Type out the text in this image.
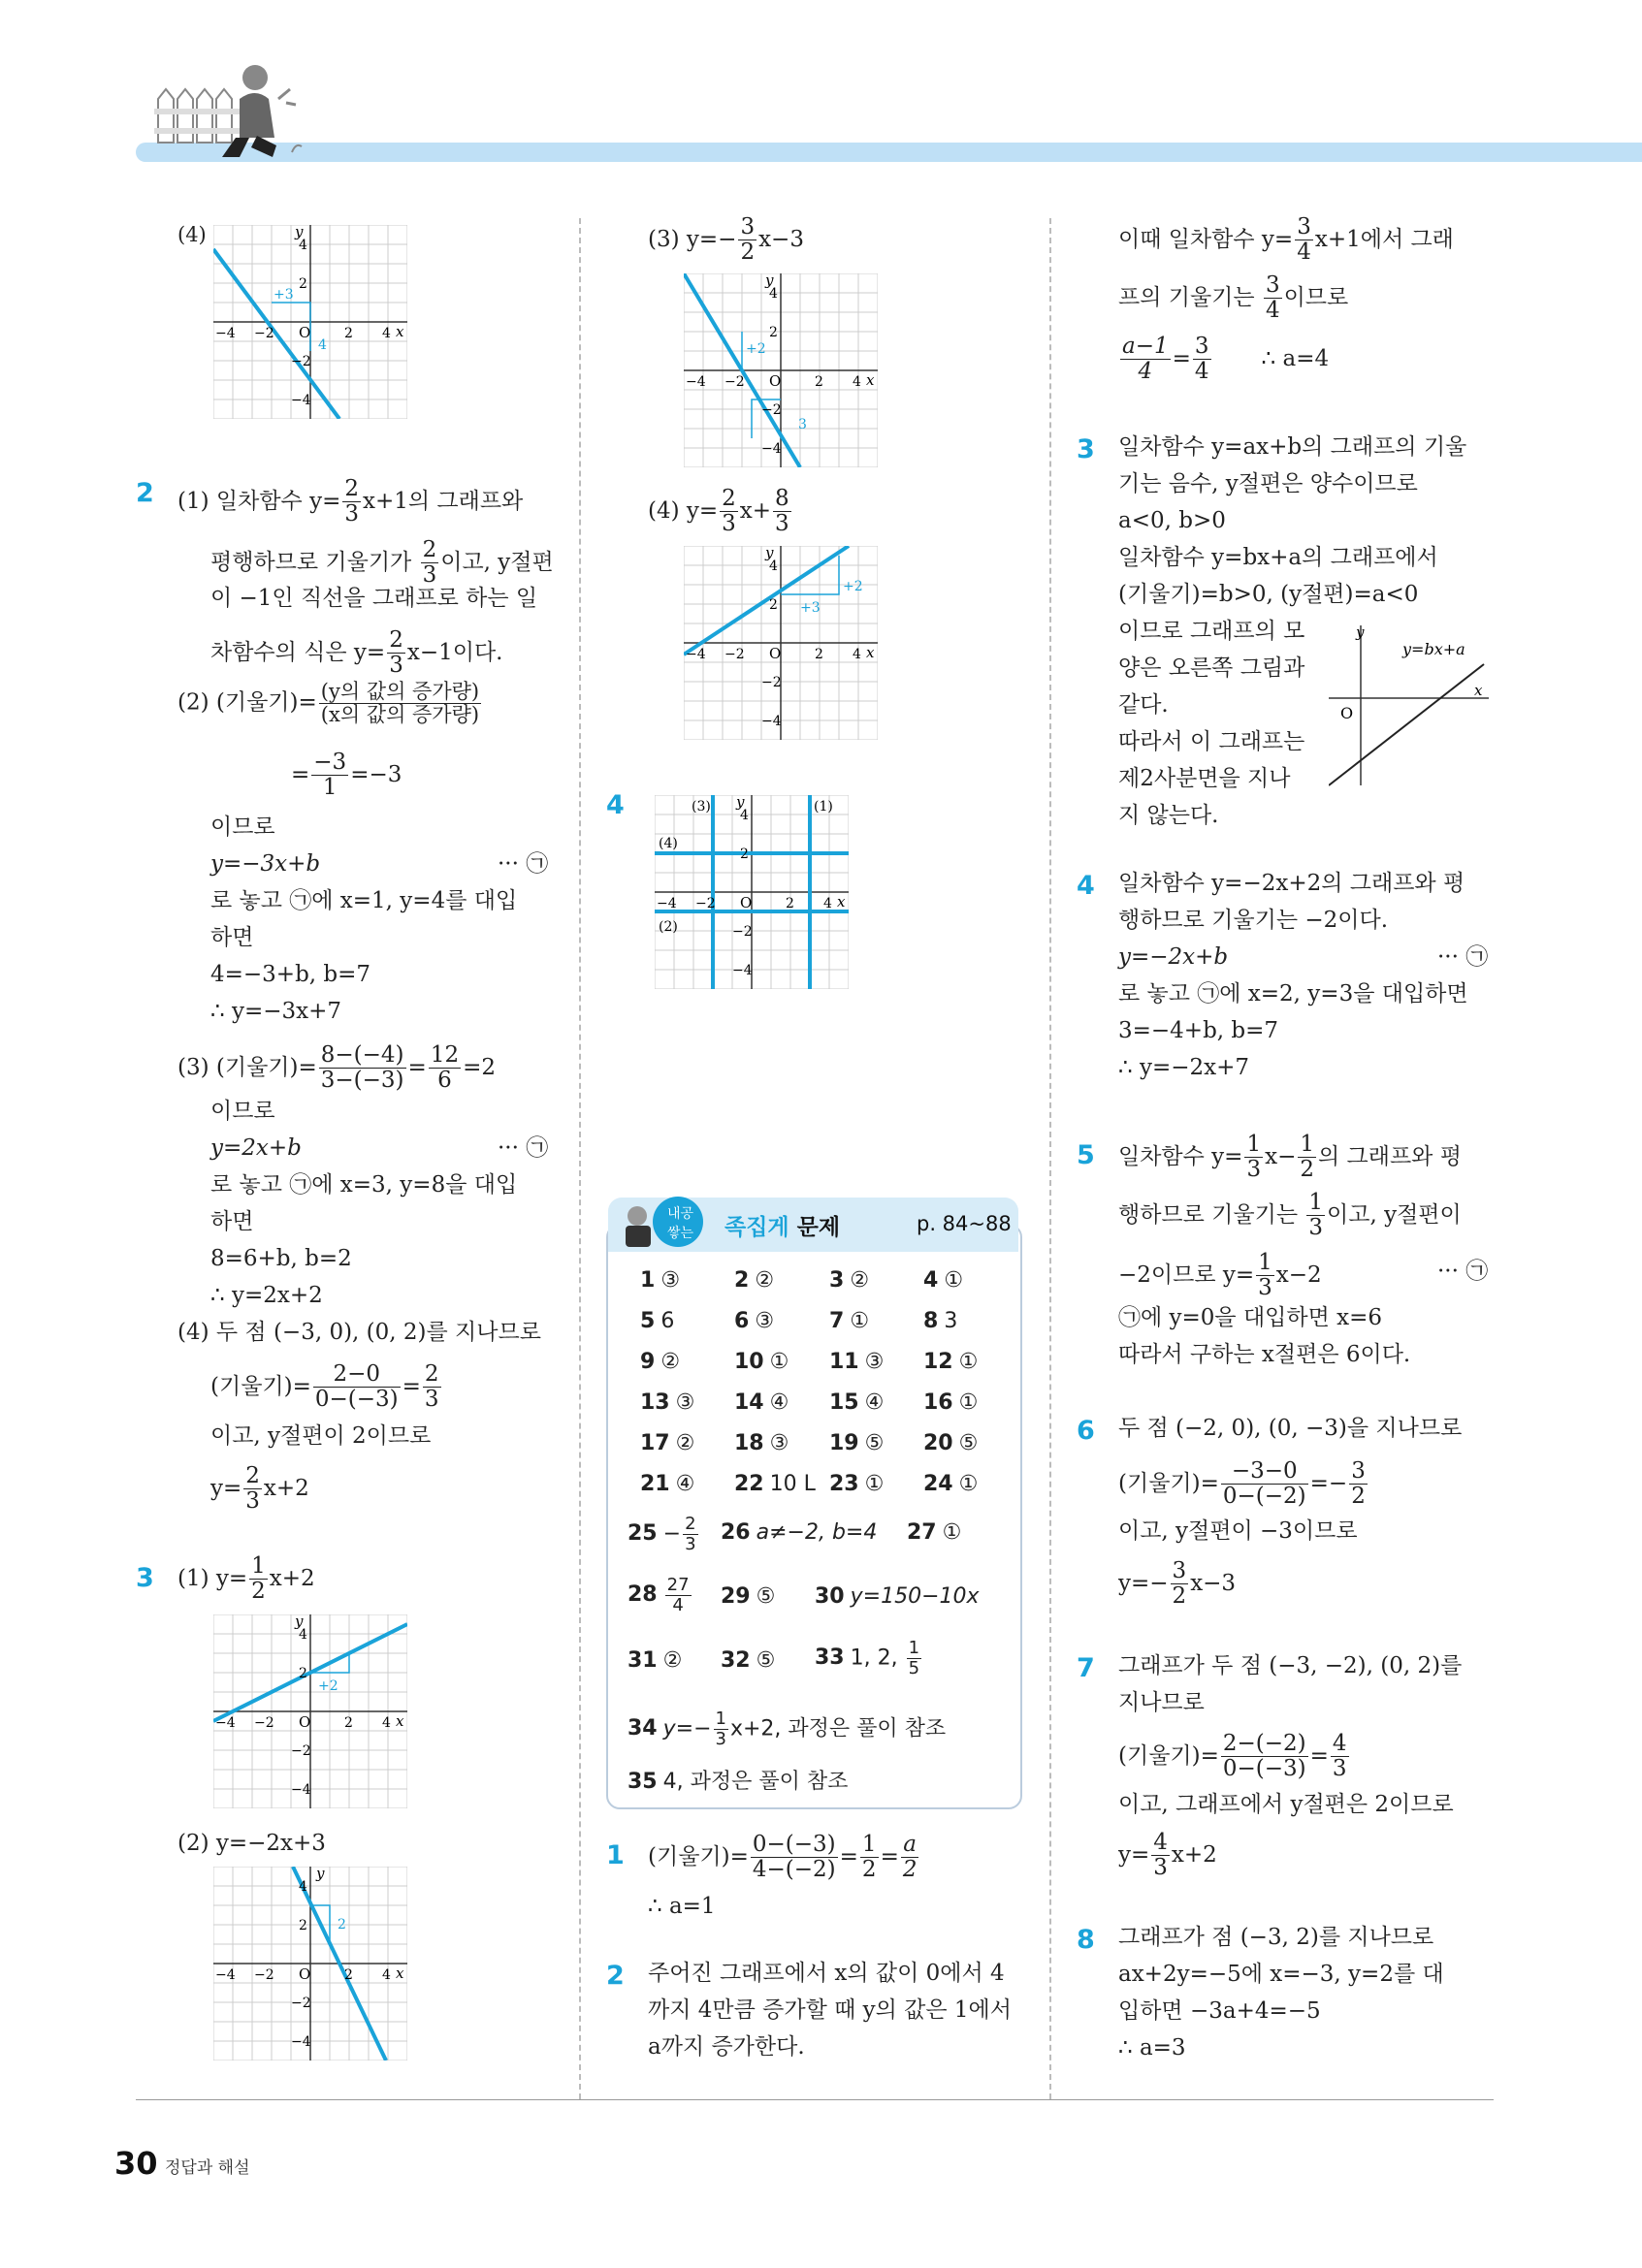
(4)
+3
4
O	x
y
−4 −2	2 4
2
4
−2
−4
2 (1) 일차함수 $y= \frac{2}{3} x+1$의 그래프와
평행하므로 기울기가 $\frac{2}{3}$ 이고, y절편
이 −1인 직선을 그래프로 하는 일
차함수의 식은 $y= \frac{2}{3} x-1$이다.
(2) (기울기)= $\frac{\text{(y의 값의 증가량)}}{\text{(x의 값의 증가량)}}$
= $\frac{-3}{1} =-3$
이므로
y=−3x+b	··· ㉠
로 놓고 ㉠에 x=1, y=4를 대입
하면
4=−3+b, b=7
∴ y=−3x+7
(3) (기울기)= $\frac{8-(-4)}{3-(-3)} = \frac{12}{6} =2$
이므로
y=2x+b	··· ㉠
로 놓고 ㉠에 x=3, y=8을 대입
하면
8=6+b, b=2
∴ y=2x+2
(4) 두 점 (−3, 0), (0, 2)를 지나므로
(기울기)= $\frac{2-0}{0-(-3)} = \frac{2}{3}$
이고, y절편이 2이므로
$y= \frac{2}{3} x+2$
3 (1) $y= \frac{1}{2} x+2$
+2
O	x
y
−4 −2	2 4
2
4
−2
−4
(2) y=−2x+3
2
O	x
y
−4 −2	2 4
2
4
−2
−4
(3) $y=- \frac{3}{2} x-3$
+2
3
O	x
y
−4 −2	2 4
2
4
−2
−4
(4) $y= \frac{2}{3} x+ \frac{8}{3}$
+3
+2
O	x
y
−4 −2	2 4
2
4
−2
−4
4	(1)
(2)
(3)
(4)
O	x
y
−4 −2	2 4
2
4
−2
−4
내공
쌓는 족집게 문제	p. 84~88
1 ③	2 ②	3 ②	4 ①
5 6	6 ③	7 ①	8 3
9 ②	10 ① 11 ③ 12 ①
13 ③ 14 ④ 15 ④ 16 ①
17 ② 18 ③ 19 ⑤ 20 ⑤
21 ④ 22 10 L 23 ① 24 ①
$25 - \frac{2}{3} 26$ a≠−2, b=4 27 ①
$28 \frac{27}{4} 29$ ⑤ 30 y=150−10x
31 ② 32 ⑤ 33 1, 2, $\frac{1}{5}$
34 $y=- \frac{1}{3} x+2$, 과정은 풀이 참조
35 4, 과정은 풀이 참조
1 (기울기)= $\frac{0-(-3)}{4-(-2)} = \frac{1}{2} = \frac{a}{2}$
∴ a=1
2 주어진 그래프에서 x의 값이 0에서 4
까지 4만큼 증가할 때 y의 값은 1에서
a까지 증가한다.
이때 일차함수 $y= \frac{3}{4} x+1$에서 그래
프의 기울기는 $\frac{3}{4}$ 이므로
$\frac{a-1}{4} = \frac{3}{4}$ ∴ a=4
3 일차함수 y=ax+b의 그래프의 기울
기는 음수, y절편은 양수이므로
a<0, b>0
일차함수 y=bx+a의 그래프에서
(기울기)=b>0, (y절편)=a<0
이므로 그래프의 모
양은 오른쪽 그림과
같다.
따라서 이 그래프는
제2사분면을 지나
지 않는다.
O
x
y
y=bx+a
4 일차함수 y=−2x+2의 그래프와 평
행하므로 기울기는 −2이다.
y=−2x+b	··· ㉠
로 놓고 ㉠에 x=2, y=3을 대입하면
3=−4+b, b=7
∴ y=−2x+7
5 일차함수 $y= \frac{1}{3} x- \frac{1}{2}$ 의 그래프와 평
행하므로 기울기는 $\frac{1}{3}$ 이고, y절편이
−2이므로 $y= \frac{1}{3} x-2$	··· ㉠
㉠에 y=0을 대입하면 x=6
따라서 구하는 x절편은 6이다.
6 두 점 (−2, 0), (0, −3)을 지나므로
(기울기)= $\frac{-3-0}{0-(-2)} =- \frac{3}{2}$
이고, y절편이 −3이므로
$y=- \frac{3}{2} x-3$
7 그래프가 두 점 (−3, −2), (0, 2)를
지나므로
(기울기)= $\frac{2-(-2)}{0-(-3)} = \frac{4}{3}$
이고, 그래프에서 y절편은 2이므로
$y= \frac{4}{3} x+2$
8 그래프가 점 (−3, 2)를 지나므로
ax+2y=−5에 x=−3, y=2를 대
입하면 −3a+4=−5
∴ a=3
30 정답과 해설
